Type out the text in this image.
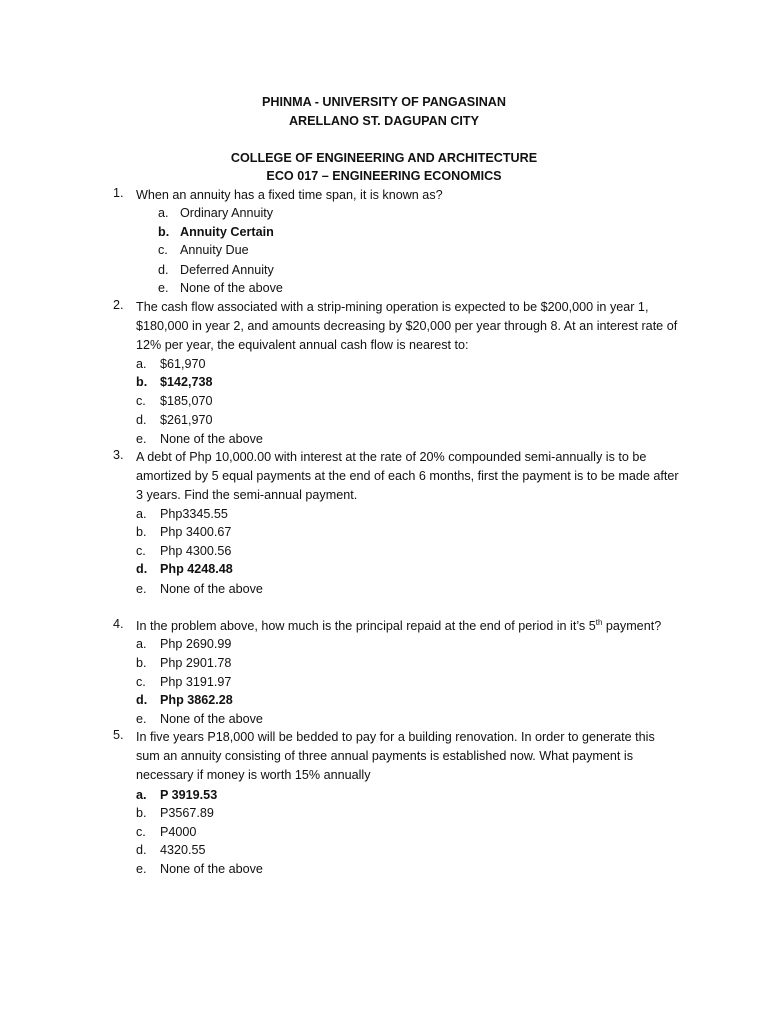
PHINMA - UNIVERSITY OF PANGASINAN
ARELLANO ST. DAGUPAN CITY
COLLEGE OF ENGINEERING AND ARCHITECTURE
ECO 017 – ENGINEERING ECONOMICS
1. When an annuity has a fixed time span, it is known as?
a. Ordinary Annuity
b. Annuity Certain
c. Annuity Due
d. Deferred Annuity
e. None of the above
2. The cash flow associated with a strip-mining operation is expected to be $200,000 in year 1, $180,000 in year 2, and amounts decreasing by $20,000 per year through 8. At an interest rate of 12% per year, the equivalent annual cash flow is nearest to:
a. $61,970
b. $142,738
c. $185,070
d. $261,970
e. None of the above
3. A debt of Php 10,000.00 with interest at the rate of 20% compounded semi-annually is to be amortized by 5 equal payments at the end of each 6 months, first the payment is to be made after 3 years. Find the semi-annual payment.
a. Php3345.55
b. Php 3400.67
c. Php 4300.56
d. Php 4248.48
e. None of the above
4. In the problem above, how much is the principal repaid at the end of period in it’s 5th payment?
a. Php 2690.99
b. Php 2901.78
c. Php 3191.97
d. Php 3862.28
e. None of the above
5. In five years P18,000 will be bedded to pay for a building renovation. In order to generate this sum an annuity consisting of three annual payments is established now. What payment is necessary if money is worth 15% annually
a. P 3919.53
b. P3567.89
c. P4000
d. 4320.55
e. None of the above
